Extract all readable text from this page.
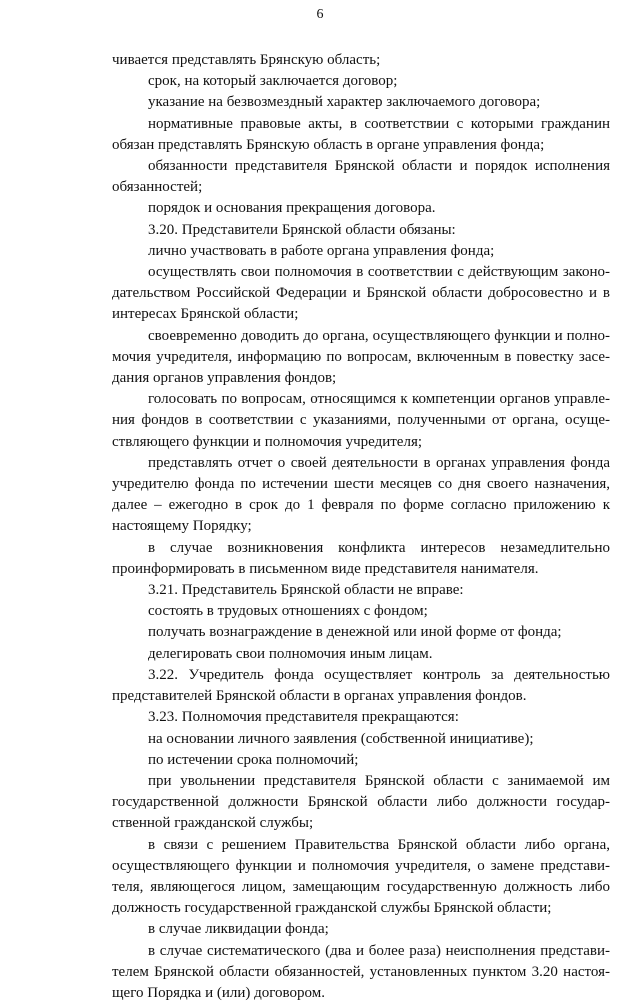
6

чивается представлять Брянскую область;

срок, на который заключается договор;

указание на безвозмездный характер заключаемого договора;

нормативные правовые акты, в соответствии с которыми гражданин обязан представлять Брянскую область в органе управления фонда;

обязанности представителя Брянской области и порядок исполнения обязанностей;

порядок и основания прекращения договора.

3.20. Представители Брянской области обязаны:

лично участвовать в работе органа управления фонда;

осуществлять свои полномочия в соответствии с действующим законодательством Российской Федерации и Брянской области добросовестно и в интересах Брянской области;

своевременно доводить до органа, осуществляющего функции и полномочия учредителя, информацию по вопросам, включенным в повестку заседания органов управления фондов;

голосовать по вопросам, относящимся к компетенции органов управления фондов в соответствии с указаниями, полученными от органа, осуществляющего функции и полномочия учредителя;

представлять отчет о своей деятельности в органах управления фонда учредителю фонда по истечении шести месяцев со дня своего назначения, далее – ежегодно в срок до 1 февраля по форме согласно приложению к настоящему Порядку;

в случае возникновения конфликта интересов незамедлительно проинформировать в письменном виде представителя нанимателя.

3.21. Представитель Брянской области не вправе:

состоять в трудовых отношениях с фондом;

получать вознаграждение в денежной или иной форме от фонда;

делегировать свои полномочия иным лицам.

3.22. Учредитель фонда осуществляет контроль за деятельностью представителей Брянской области в органах управления фондов.

3.23. Полномочия представителя прекращаются:

на основании личного заявления (собственной инициативе);

по истечении срока полномочий;

при увольнении представителя Брянской области с занимаемой им государственной должности Брянской области либо должности государственной гражданской службы;

в связи с решением Правительства Брянской области либо органа, осуществляющего функции и полномочия учредителя, о замене представителя, являющегося лицом, замещающим государственную должность либо должность государственной гражданской службы Брянской области;

в случае ликвидации фонда;

в случае систематического (два и более раза) неисполнения представителем Брянской области обязанностей, установленных пунктом 3.20 настоящего Порядка и (или) договором.
